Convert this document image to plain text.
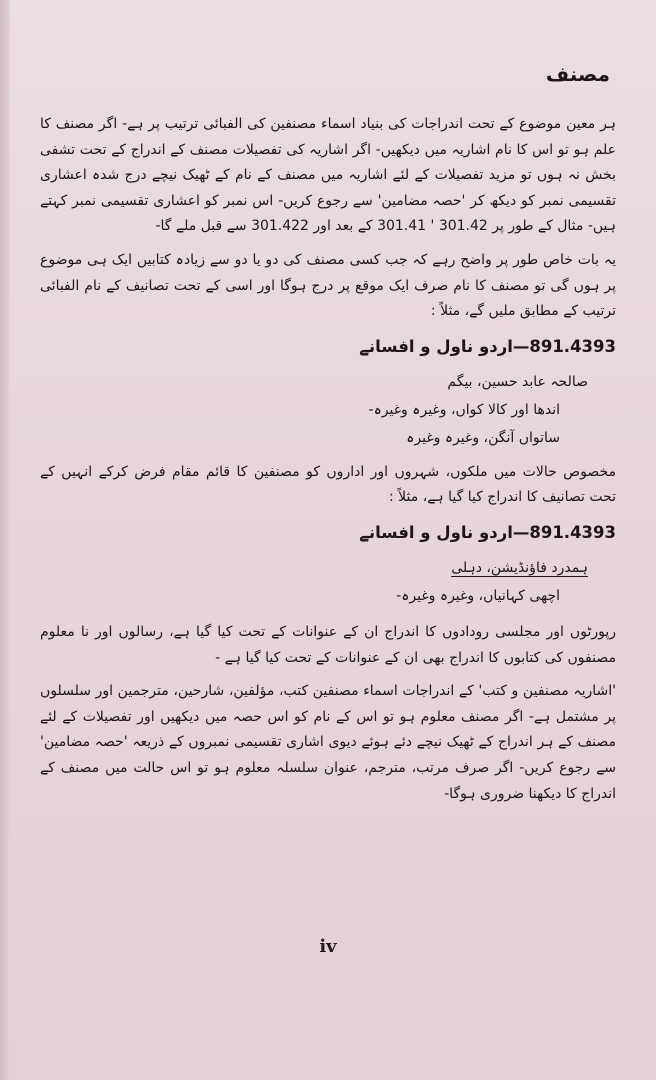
مصنف

ہر معین موضوع کے تحت اندراجات کی بنیاد اسماء مصنفین کی الفبائی ترتیب پر ہے- اگر مصنف کا علم ہو تو اس کا نام اشاریہ میں دیکھیں- اگر اشاریہ کی تفصیلات مصنف کے اندراج کے تحت تشفی بخش نہ ہوں تو مزید تفصیلات کے لئے اشاریہ میں مصنف کے نام کے ٹھیک نیچے درج شدہ اعشاری تقسیمی نمبر کو دیکھ کر 'حصہ مضامین' سے رجوع کریں- اس نمبر کو اعشاری تقسیمی نمبر کہتے ہیں- مثال کے طور پر 301.42 ' 301.41 کے بعد اور 301.422 سے قبل ملے گا-

یہ بات خاص طور پر واضح رہے کہ جب کسی مصنف کی دو یا دو سے زیادہ کتابیں ایک ہی موضوع پر ہوں گی تو مصنف کا نام صرف ایک موقع پر درج ہوگا اور اسی کے تحت تصانیف کے نام الفبائی ترتیب کے مطابق ملیں گے، مثلاً :

891.4393—اردو ناول و افسانے

صالحہ عابد حسین، بیگم

اندھا اور کالا کواں، وغیرہ وغیرہ-

ساتواں آنگن، وغیرہ وغیرہ

مخصوص حالات میں ملکوں، شہروں اور اداروں کو مصنفین کا قائم مقام فرض کرکے انہیں کے تحت تصانیف کا اندراج کیا گیا ہے، مثلاً :

891.4393—اردو ناول و افسانے

ہمدرد فاؤنڈیشن، دہلی

اچھی کہانیاں، وغیرہ وغیرہ-

رپورٹوں اور مجلسی رودادوں کا اندراج ان کے عنوانات کے تحت کیا گیا ہے، رسالوں اور نا معلوم مصنفوں کی کتابوں کا اندراج بھی ان کے عنوانات کے تحت کیا گیا ہے -

'اشاریہ مصنفین و کتب' کے اندراجات اسماء مصنفین کتب، مؤلفین، شارحین، مترجمین اور سلسلوں پر مشتمل ہے- اگر مصنف معلوم ہو تو اس کے نام کو اس حصہ میں دیکھیں اور تفصیلات کے لئے مصنف کے ہر اندراج کے ٹھیک نیچے دئے ہوئے دیوی اشاری تقسیمی نمبروں کے ذریعہ 'حصہ مضامین' سے رجوع کریں- اگر صرف مرتب، مترجم، عنوان سلسلہ معلوم ہو تو اس حالت میں مصنف کے اندراج کا دیکھنا ضروری ہوگا-

iv
